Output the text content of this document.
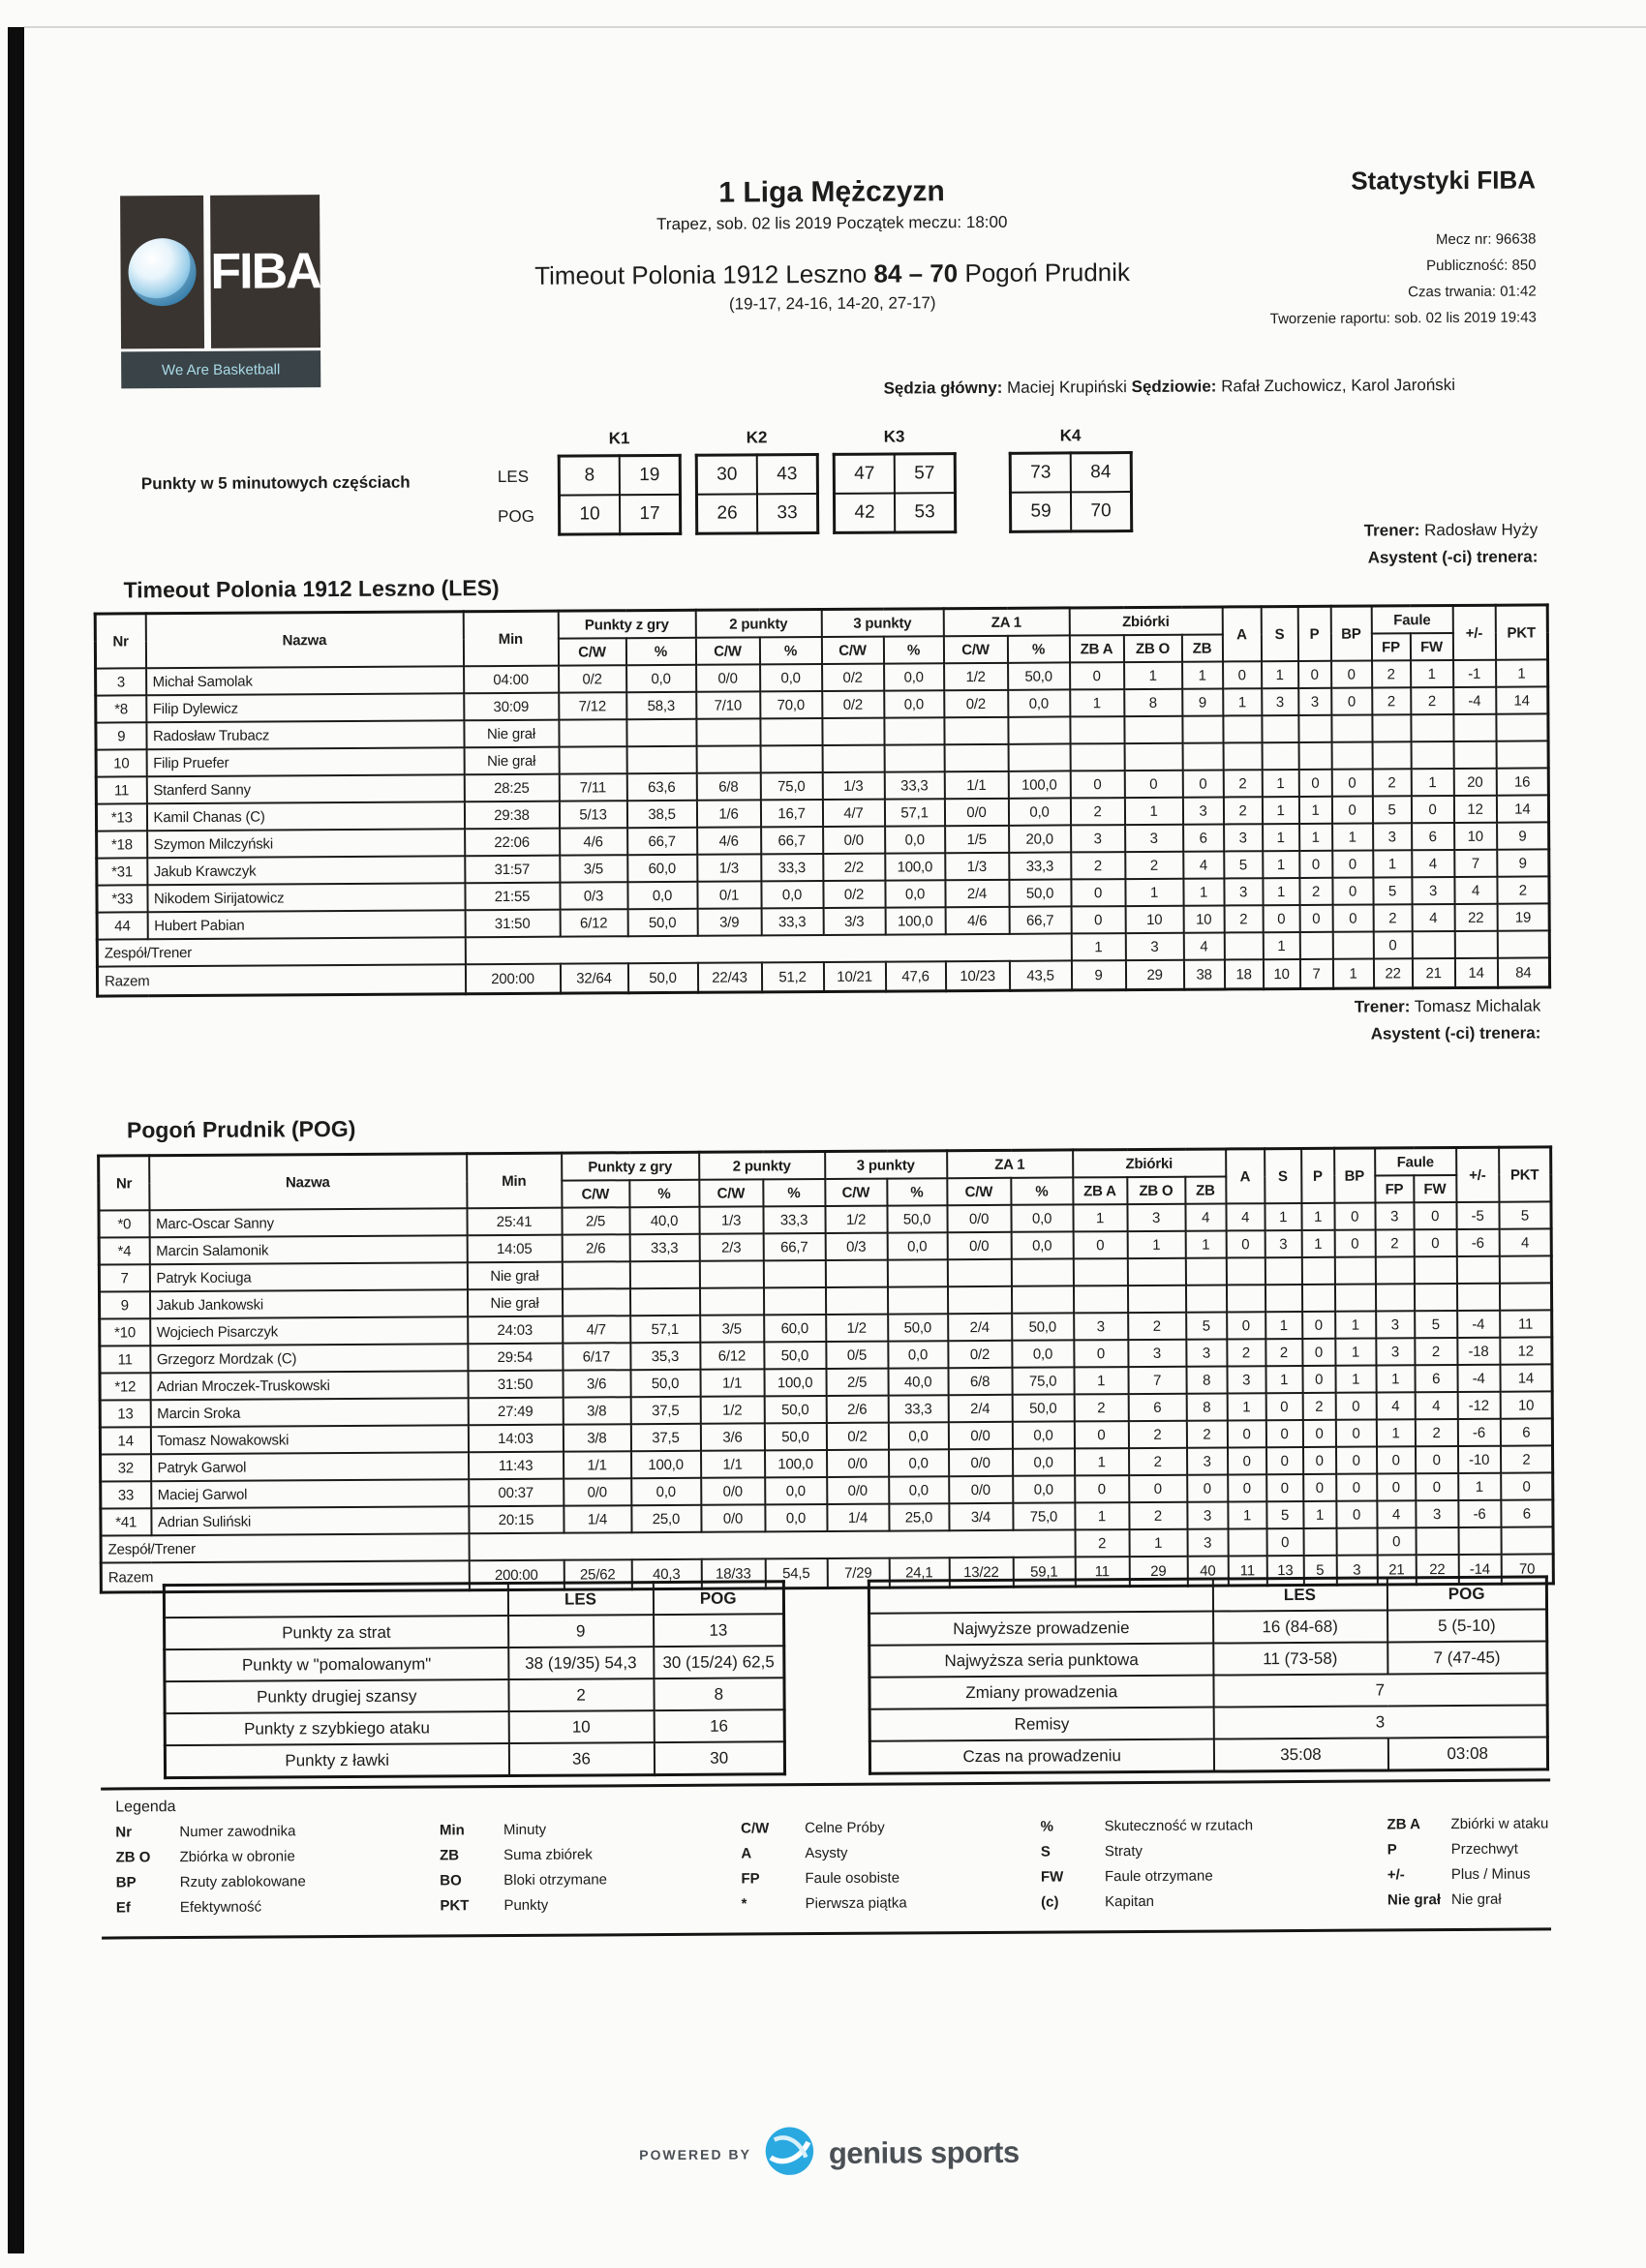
FIBA
We Are Basketball
1 Liga Mężczyzn
Trapez, sob. 02 lis 2019 Początek meczu: 18:00
Timeout Polonia 1912 Leszno 84 – 70 Pogoń Prudnik
(19-17, 24-16, 14-20, 27-17)
Statystyki FIBA
Mecz nr: 96638
Publiczność: 850
Czas trwania: 01:42
Tworzenie raportu: sob. 02 lis 2019 19:43
Sędzia główny: Maciej Krupiński Sędziowie: Rafał Zuchowicz, Karol Jaroński
Punkty w 5 minutowych częściach	LES
POG
K1
8	19
10	17
K2
30	43
26	33
K3
47	57
42	53
K4
73	84
59	70
Trener: Radosław Hyży
Asystent (-ci) trenera:
Timeout Polonia 1912 Leszno (LES)
Nr	Nazwa	Min	Punkty z gry		2 punkty		3 punkty		ZA 1		Zbiórki			A	S	P	BP	Faule		+/-	PKT
			C/W	%	C/W	%	C/W	%	C/W	%	ZB A	ZB O	ZB					FP	FW		
3	Michał Samolak	04:00	0/2	0,0	0/0	0,0	0/2	0,0	1/2	50,0	0	1	1	0	1	0	0	2	1	-1	1
*8	Filip Dylewicz	30:09	7/12	58,3	7/10	70,0	0/2	0,0	0/2	0,0	1	8	9	1	3	3	0	2	2	-4	14
9	Radosław Trubacz	Nie grał																			
10	Filip Pruefer	Nie grał																			
11	Stanferd Sanny	28:25	7/11	63,6	6/8	75,0	1/3	33,3	1/1	100,0	0	0	0	2	1	0	0	2	1	20	16
*13	Kamil Chanas (C)	29:38	5/13	38,5	1/6	16,7	4/7	57,1	0/0	0,0	2	1	3	2	1	1	0	5	0	12	14
*18	Szymon Milczyński	22:06	4/6	66,7	4/6	66,7	0/0	0,0	1/5	20,0	3	3	6	3	1	1	1	3	6	10	9
*31	Jakub Krawczyk	31:57	3/5	60,0	1/3	33,3	2/2	100,0	1/3	33,3	2	2	4	5	1	0	0	1	4	7	9
*33	Nikodem Sirijatowicz	21:55	0/3	0,0	0/1	0,0	0/2	0,0	2/4	50,0	0	1	1	3	1	2	0	5	3	4	2
44	Hubert Pabian	31:50	6/12	50,0	3/9	33,3	3/3	100,0	4/6	66,7	0	10	10	2	0	0	0	2	4	22	19
Zespół/Trener											1	3	4		1			0			
Razem		200:00	32/64	50,0	22/43	51,2	10/21	47,6	10/23	43,5	9	29	38	18	10	7	1	22	21	14	84
Trener: Tomasz Michalak
Asystent (-ci) trenera:
Pogoń Prudnik (POG)
Nr	Nazwa	Min	Punkty z gry		2 punkty		3 punkty		ZA 1		Zbiórki			A	S	P	BP	Faule		+/-	PKT
			C/W	%	C/W	%	C/W	%	C/W	%	ZB A	ZB O	ZB					FP	FW		
*0	Marc-Oscar Sanny	25:41	2/5	40,0	1/3	33,3	1/2	50,0	0/0	0,0	1	3	4	4	1	1	0	3	0	-5	5
*4	Marcin Salamonik	14:05	2/6	33,3	2/3	66,7	0/3	0,0	0/0	0,0	0	1	1	0	3	1	0	2	0	-6	4
7	Patryk Kociuga	Nie grał																			
9	Jakub Jankowski	Nie grał																			
*10	Wojciech Pisarczyk	24:03	4/7	57,1	3/5	60,0	1/2	50,0	2/4	50,0	3	2	5	0	1	0	1	3	5	-4	11
11	Grzegorz Mordzak (C)	29:54	6/17	35,3	6/12	50,0	0/5	0,0	0/2	0,0	0	3	3	2	2	0	1	3	2	-18	12
*12	Adrian Mroczek-Truskowski	31:50	3/6	50,0	1/1	100,0	2/5	40,0	6/8	75,0	1	7	8	3	1	0	1	1	6	-4	14
13	Marcin Sroka	27:49	3/8	37,5	1/2	50,0	2/6	33,3	2/4	50,0	2	6	8	1	0	2	0	4	4	-12	10
14	Tomasz Nowakowski	14:03	3/8	37,5	3/6	50,0	0/2	0,0	0/0	0,0	0	2	2	0	0	0	0	1	2	-6	6
32	Patryk Garwol	11:43	1/1	100,0	1/1	100,0	0/0	0,0	0/0	0,0	1	2	3	0	0	0	0	0	0	-10	2
33	Maciej Garwol	00:37	0/0	0,0	0/0	0,0	0/0	0,0	0/0	0,0	0	0	0	0	0	0	0	0	0	1	0
*41	Adrian Suliński	20:15	1/4	25,0	0/0	0,0	1/4	25,0	3/4	75,0	1	2	3	1	5	1	0	4	3	-6	6
Zespół/Trener											2	1	3		0			0			
Razem		200:00	25/62	40,3	18/33	54,5	7/29	24,1	13/22	59,1	11	29	40	11	13	5	3	21	22	-14	70
	LES	POG
Punkty za strat	9	13
Punkty w "pomalowanym"	38 (19/35) 54,3	30 (15/24) 62,5
Punkty drugiej szansy	2	8
Punkty z szybkiego ataku	10	16
Punkty z ławki	36	30
	LES	POG
Najwyższe prowadzenie	16 (84-68)	5 (5-10)
Najwyższa seria punktowa	11 (73-58)	7 (47-45)
Zmiany prowadzenia	7	
Remisy	3	
Czas na prowadzeniu	35:08	03:08
Legenda
Nr	Numer zawodnika
ZB O	Zbiórka w obronie
BP	Rzuty zablokowane
Ef	Efektywność
Min	Minuty
ZB	Suma zbiórek
BO	Bloki otrzymane
PKT	Punkty
C/W	Celne Próby
A	Asysty
FP	Faule osobiste
*	Pierwsza piątka
%	Skuteczność w rzutach
S	Straty
FW	Faule otrzymane
(c)	Kapitan
ZB A	Zbiórki w ataku
P	Przechwyt
+/-	Plus / Minus
Nie grał Nie grał
POWERED BY	genius sports
